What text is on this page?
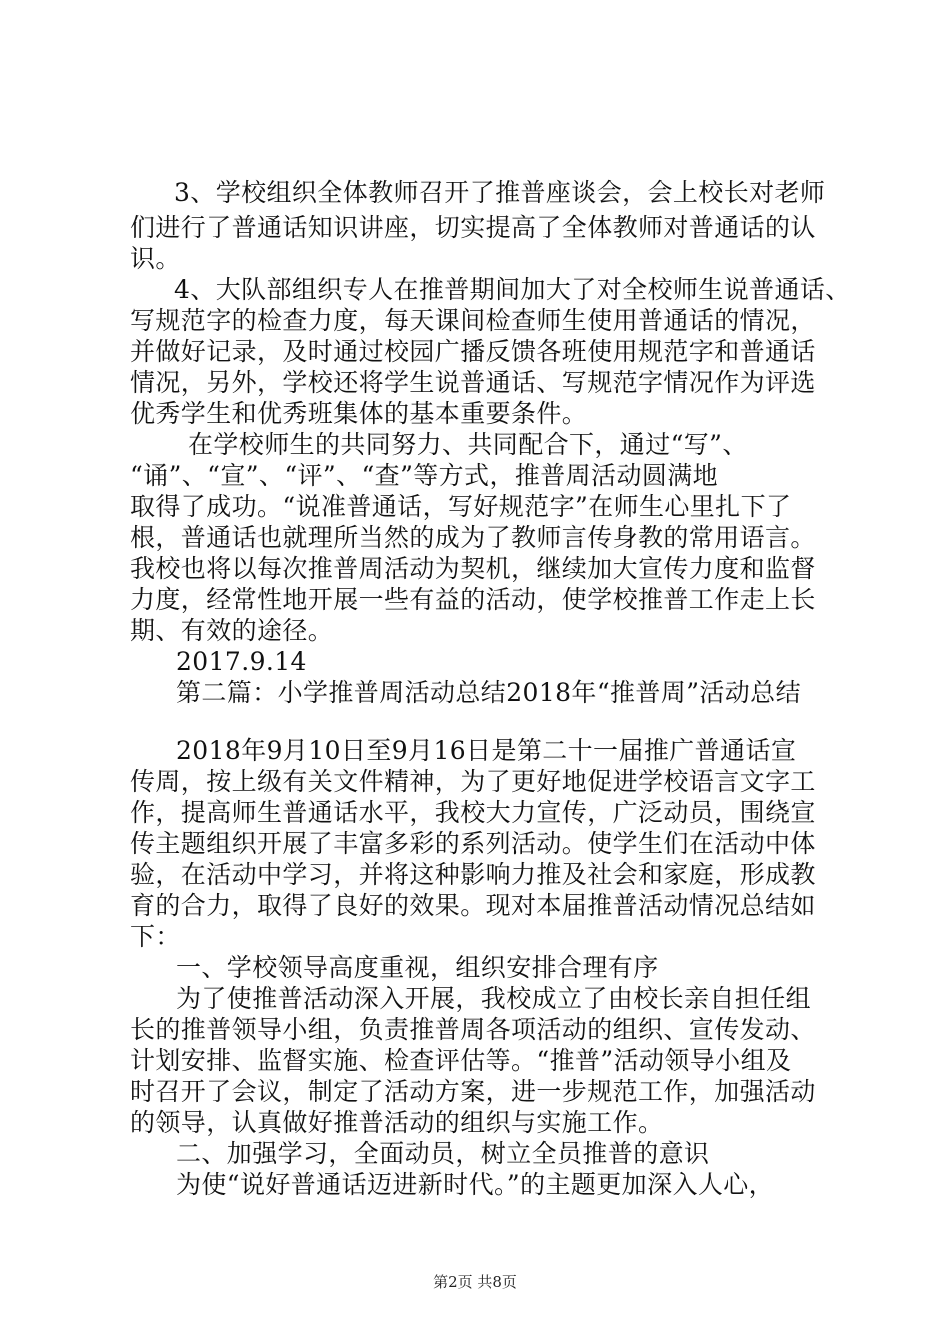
3、学校组织全体教师召开了推普座谈会，会上校长对老师
们进行了普通话知识讲座，切实提高了全体教师对普通话的认
识。
4、大队部组织专人在推普期间加大了对全校师生说普通话、
写规范字的检查力度，每天课间检查师生使用普通话的情况，
并做好记录，及时通过校园广播反馈各班使用规范字和普通话
情况，另外，学校还将学生说普通话、写规范字情况作为评选
优秀学生和优秀班集体的基本重要条件。
在学校师生的共同努力、共同配合下，通过“写”、
“诵”、“宣”、“评”、“查”等方式，推普周活动圆满地
取得了成功。“说准普通话，写好规范字”在师生心里扎下了
根，普通话也就理所当然的成为了教师言传身教的常用语言。
我校也将以每次推普周活动为契机，继续加大宣传力度和监督
力度，经常性地开展一些有益的活动，使学校推普工作走上长
期、有效的途径。
2017.9.14
第二篇：小学推普周活动总结2018年“推普周”活动总结
2018年9月10日至9月16日是第二十一届推广普通话宣
传周，按上级有关文件精神，为了更好地促进学校语言文字工
作，提高师生普通话水平，我校大力宣传，广泛动员，围绕宣
传主题组织开展了丰富多彩的系列活动。使学生们在活动中体
验，在活动中学习，并将这种影响力推及社会和家庭，形成教
育的合力，取得了良好的效果。现对本届推普活动情况总结如
下：
一、学校领导高度重视，组织安排合理有序
为了使推普活动深入开展，我校成立了由校长亲自担任组
长的推普领导小组，负责推普周各项活动的组织、宣传发动、
计划安排、监督实施、检查评估等。“推普”活动领导小组及
时召开了会议，制定了活动方案，进一步规范工作，加强活动
的领导，认真做好推普活动的组织与实施工作。
二、加强学习，全面动员，树立全员推普的意识
为使“说好普通话迈进新时代。”的主题更加深入人心，
第2页 共8页
